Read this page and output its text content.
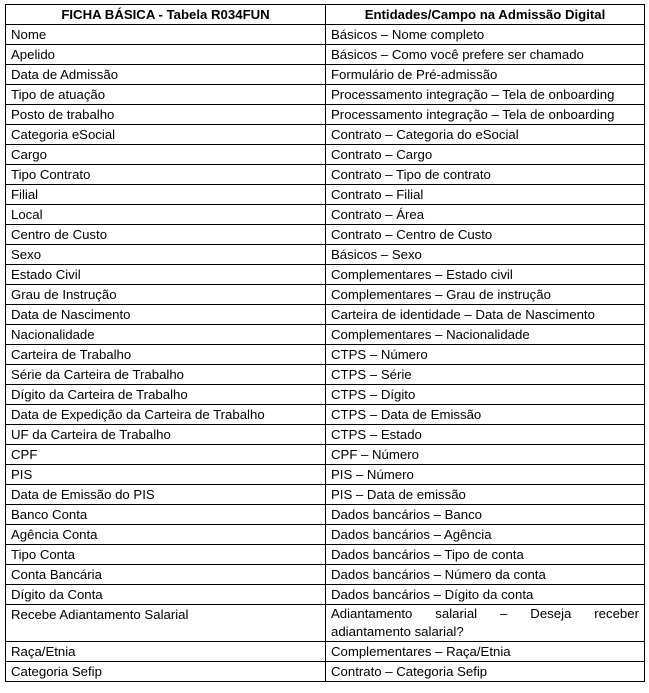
FICHA BÁSICA - Tabela R034FUN	Entidades/Campo na Admissão Digital
Nome	Básicos – Nome completo
Apelido	Básicos – Como você prefere ser chamado
Data de Admissão	Formulário de Pré-admissão
Tipo de atuação	Processamento integração – Tela de onboarding
Posto de trabalho	Processamento integração – Tela de onboarding
Categoria eSocial	Contrato – Categoria do eSocial
Cargo	Contrato – Cargo
Tipo Contrato	Contrato – Tipo de contrato
Filial	Contrato – Filial
Local	Contrato – Área
Centro de Custo	Contrato – Centro de Custo
Sexo	Básicos – Sexo
Estado Civil	Complementares – Estado civil
Grau de Instrução	Complementares – Grau de instrução
Data de Nascimento	Carteira de identidade – Data de Nascimento
Nacionalidade	Complementares – Nacionalidade
Carteira de Trabalho	CTPS – Número
Série da Carteira de Trabalho	CTPS – Série
Dígito da Carteira de Trabalho	CTPS – Dígito
Data de Expedição da Carteira de Trabalho	CTPS – Data de Emissão
UF da Carteira de Trabalho	CTPS – Estado
CPF	CPF – Número
PIS	PIS – Número
Data de Emissão do PIS	PIS – Data de emissão
Banco Conta	Dados bancários – Banco
Agência Conta	Dados bancários – Agência
Tipo Conta	Dados bancários – Tipo de conta
Conta Bancária	Dados bancários – Número da conta
Dígito da Conta	Dados bancários – Dígito da conta
Recebe Adiantamento Salarial	Adiantamento salarial – Deseja receber adiantamento salarial?
Raça/Etnia	Complementares – Raça/Etnia
Categoria Sefip	Contrato – Categoria Sefip
